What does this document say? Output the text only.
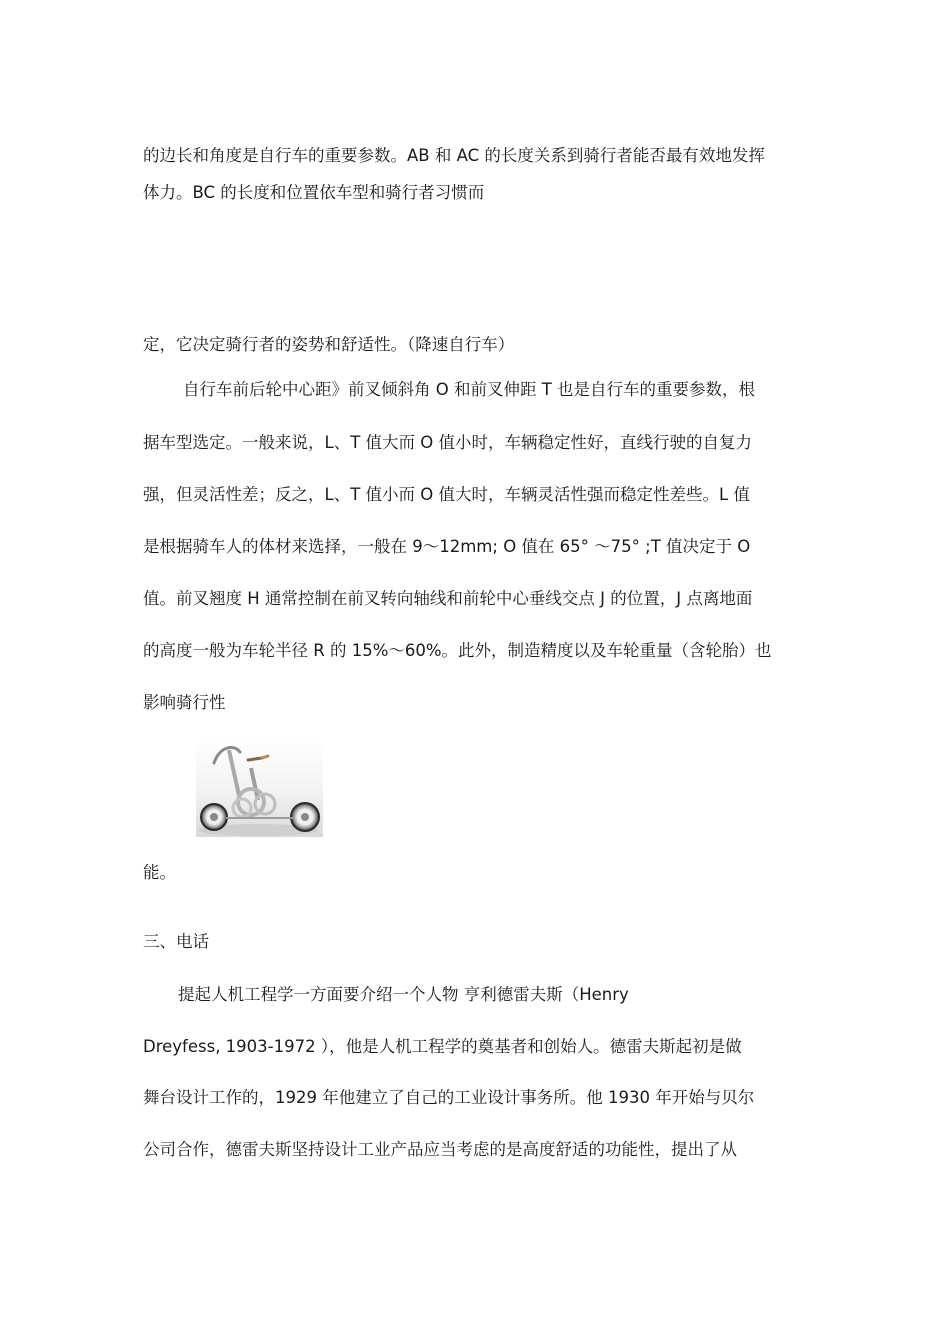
的边长和角度是自行车的重要参数。AB 和 AC 的长度关系到骑行者能否最有效地发挥
体力。BC 的长度和位置依车型和骑行者习惯而
定，它决定骑行者的姿势和舒适性。（降速自行车）
自行车前后轮中心距》前叉倾斜角 O 和前叉伸距 T 也是自行车的重要参数，根
据车型选定。一般来说，L、T 值大而 O 值小时，车辆稳定性好，直线行驶的自复力
强，但灵活性差；反之，L、T 值小而 O 值大时，车辆灵活性强而稳定性差些。L 值
是根据骑车人的体材来选择，一般在 9〜12mm; O 值在 65° 〜75° ;T 值决定于 O
值。前叉翘度 H 通常控制在前叉转向轴线和前轮中心垂线交点 J 的位置，J 点离地面
的高度一般为车轮半径 R 的 15%〜60%。此外，制造精度以及车轮重量（含轮胎）也
影响骑行性
能。
三、电话
提起人机工程学一方面要介绍一个人物 亨利德雷夫斯（Henry
Dreyfess, 1903-1972 ），他是人机工程学的奠基者和创始人。德雷夫斯起初是做
舞台设计工作的，1929 年他建立了自己的工业设计事务所。他 1930 年开始与贝尔
公司合作，德雷夫斯坚持设计工业产品应当考虑的是高度舒适的功能性，提出了从
